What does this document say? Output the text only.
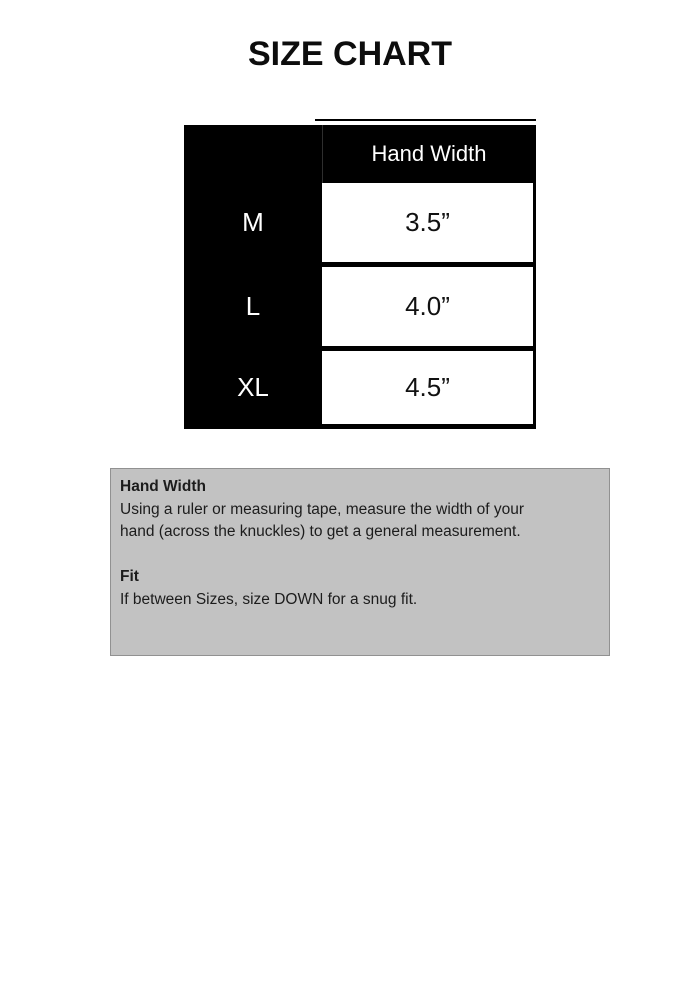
SIZE CHART
Hand Width
M	3.5”
L	4.0”
XL	4.5”
Hand Width
Using a ruler or measuring tape, measure the width of your
hand (across the knuckles) to get a general measurement.
Fit
If between Sizes, size DOWN for a snug fit.
